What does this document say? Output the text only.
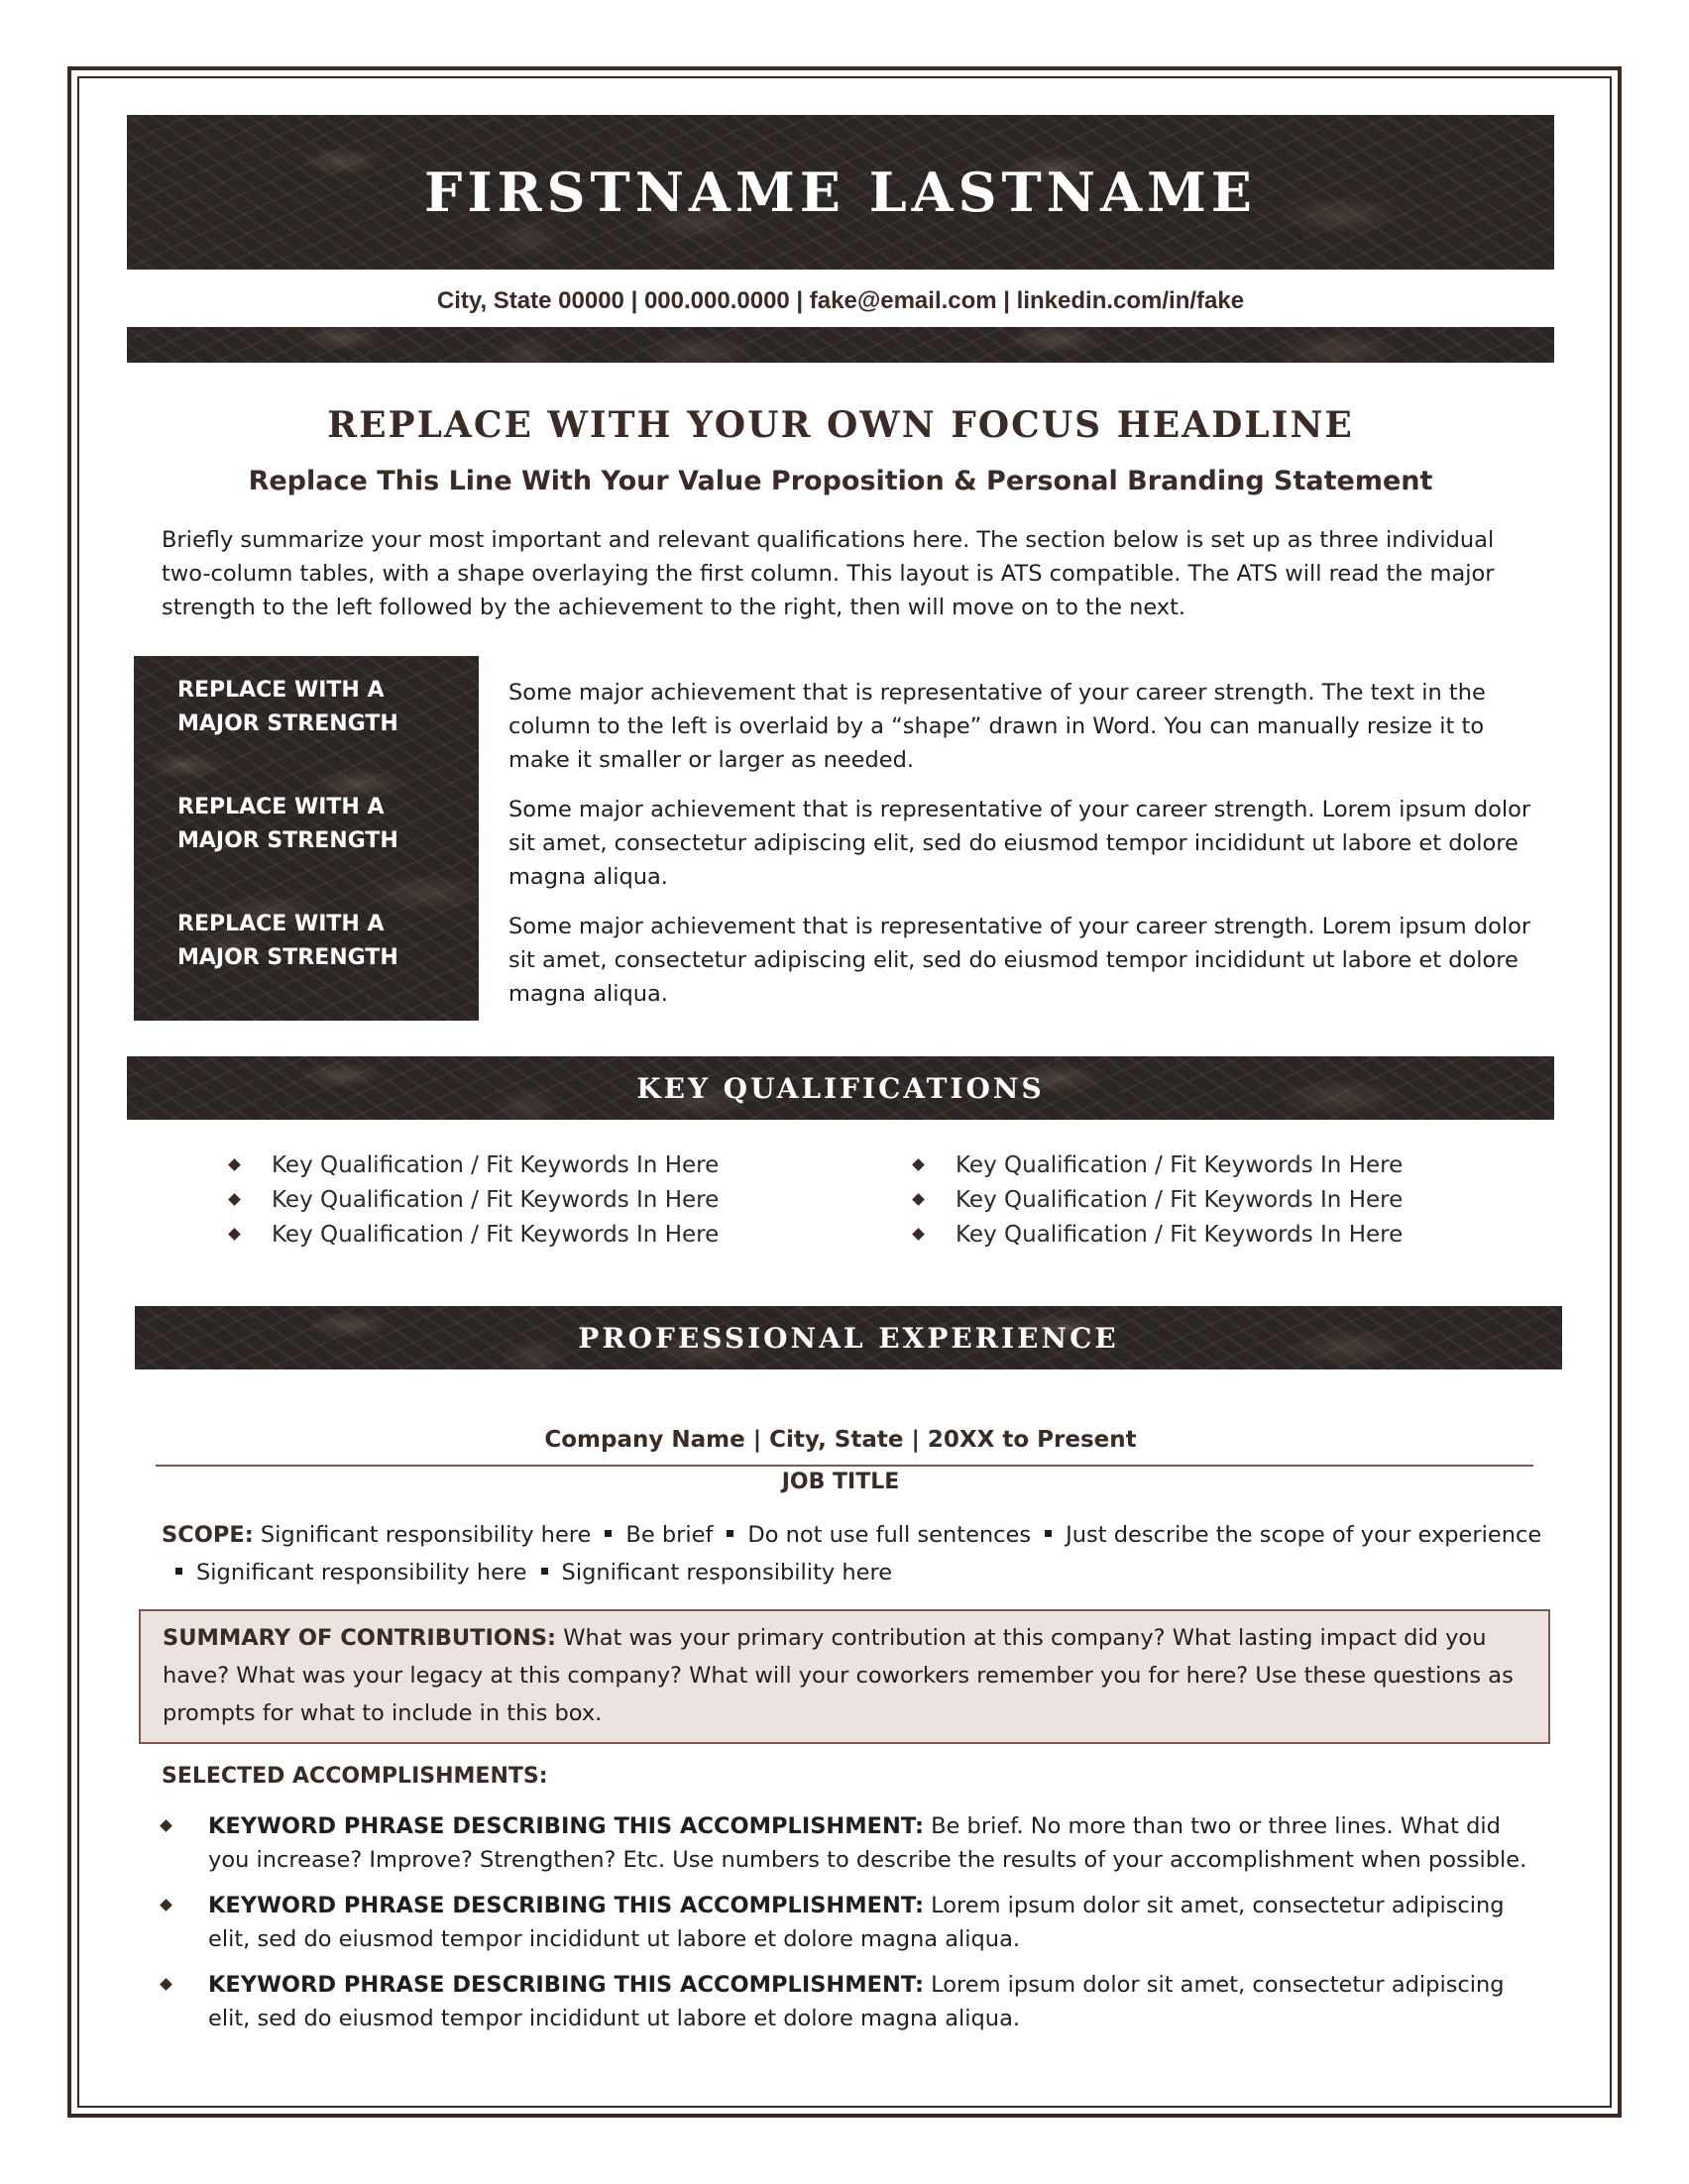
FIRSTNAME LASTNAME
City, State 00000 | 000.000.0000 | fake@email.com | linkedin.com/in/fake
REPLACE WITH YOUR OWN FOCUS HEADLINE
Replace This Line With Your Value Proposition & Personal Branding Statement
Briefly summarize your most important and relevant qualifications here. The section below is set up as three individual two-column tables, with a shape overlaying the first column. This layout is ATS compatible. The ATS will read the major strength to the left followed by the achievement to the right, then will move on to the next.
REPLACE WITH A
MAJOR STRENGTH
Some major achievement that is representative of your career strength. The text in the column to the left is overlaid by a “shape” drawn in Word. You can manually resize it to make it smaller or larger as needed.
REPLACE WITH A
MAJOR STRENGTH
Some major achievement that is representative of your career strength. Lorem ipsum dolor sit amet, consectetur adipiscing elit, sed do eiusmod tempor incididunt ut labore et dolore magna aliqua.
REPLACE WITH A
MAJOR STRENGTH
Some major achievement that is representative of your career strength. Lorem ipsum dolor sit amet, consectetur adipiscing elit, sed do eiusmod tempor incididunt ut labore et dolore magna aliqua.
KEY QUALIFICATIONS
Key Qualification / Fit Keywords In Here
Key Qualification / Fit Keywords In Here
Key Qualification / Fit Keywords In Here
Key Qualification / Fit Keywords In Here
Key Qualification / Fit Keywords In Here
Key Qualification / Fit Keywords In Here
PROFESSIONAL EXPERIENCE
Company Name | City, State | 20XX to Present
JOB TITLE
SCOPE: Significant responsibility here Be brief Do not use full sentences Just describe the scope of your experienceSignificant responsibility here Significant responsibility here
SUMMARY OF CONTRIBUTIONS: What was your primary contribution at this company? What lasting impact did you have? What was your legacy at this company? What will your coworkers remember you for here? Use these questions as prompts for what to include in this box.
SELECTED ACCOMPLISHMENTS:
KEYWORD PHRASE DESCRIBING THIS ACCOMPLISHMENT: Be brief. No more than two or three lines. What did you increase? Improve? Strengthen? Etc. Use numbers to describe the results of your accomplishment when possible.
KEYWORD PHRASE DESCRIBING THIS ACCOMPLISHMENT: Lorem ipsum dolor sit amet, consectetur adipiscing elit, sed do eiusmod tempor incididunt ut labore et dolore magna aliqua.
KEYWORD PHRASE DESCRIBING THIS ACCOMPLISHMENT: Lorem ipsum dolor sit amet, consectetur adipiscing elit, sed do eiusmod tempor incididunt ut labore et dolore magna aliqua.
